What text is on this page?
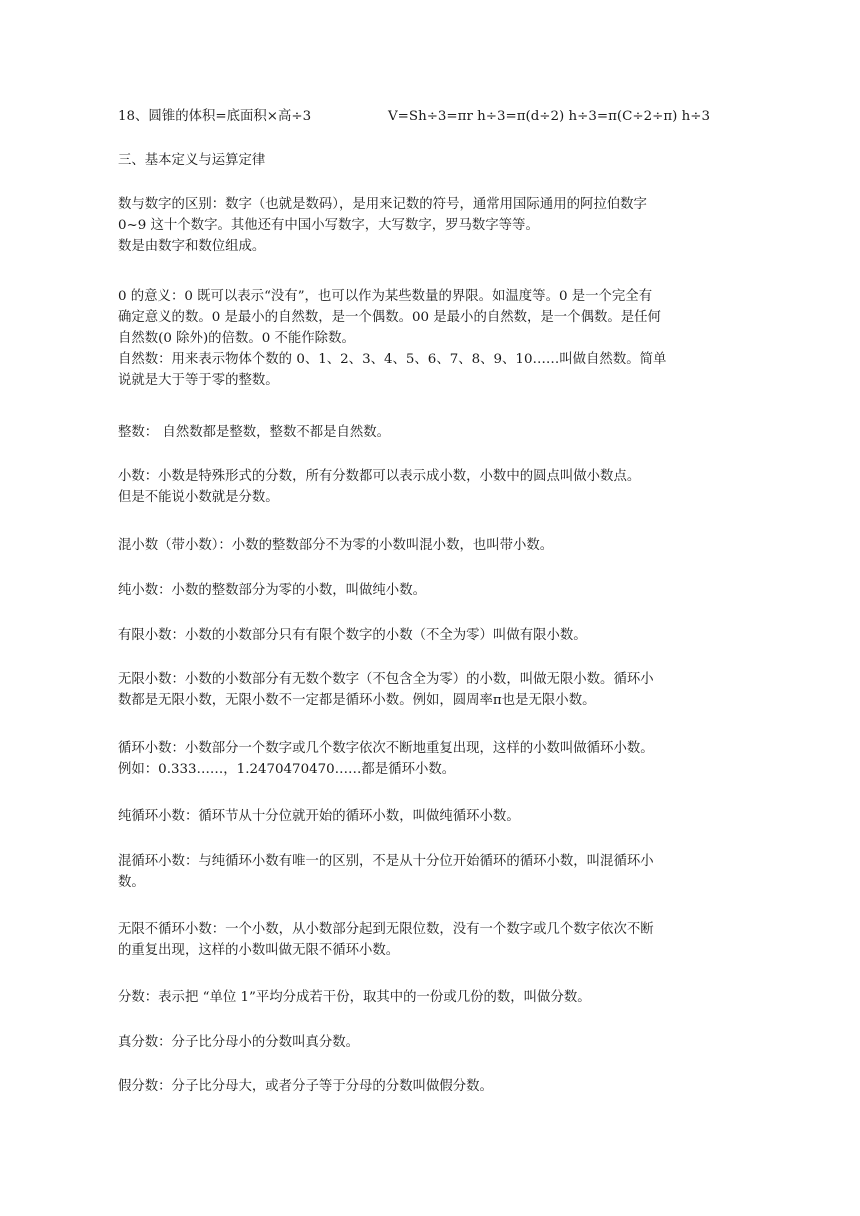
18、圆锥的体积=底面积×高÷3	V=Sh÷3=πr h÷3=π(d÷2) h÷3=π(C÷2÷π) h÷3
三、基本定义与运算定律
数与数字的区别：数字（也就是数码），是用来记数的符号，通常用国际通用的阿拉伯数字
0~9 这十个数字。其他还有中国小写数字，大写数字，罗马数字等等。
数是由数字和数位组成。
0 的意义：0 既可以表示“没有”，也可以作为某些数量的界限。如温度等。0 是一个完全有
确定意义的数。0 是最小的自然数，是一个偶数。00 是最小的自然数，是一个偶数。是任何
自然数(0 除外)的倍数。0 不能作除数。
自然数：用来表示物体个数的 0、1、2、3、4、5、6、7、8、9、10……叫做自然数。简单
说就是大于等于零的整数。
整数： 自然数都是整数，整数不都是自然数。
小数：小数是特殊形式的分数，所有分数都可以表示成小数，小数中的圆点叫做小数点。
但是不能说小数就是分数。
混小数（带小数）：小数的整数部分不为零的小数叫混小数，也叫带小数。
纯小数：小数的整数部分为零的小数，叫做纯小数。
有限小数：小数的小数部分只有有限个数字的小数（不全为零）叫做有限小数。
无限小数：小数的小数部分有无数个数字（不包含全为零）的小数，叫做无限小数。循环小
数都是无限小数，无限小数不一定都是循环小数。例如，圆周率π也是无限小数。
循环小数：小数部分一个数字或几个数字依次不断地重复出现，这样的小数叫做循环小数。
例如：0.333……，1.2470470470……都是循环小数。
纯循环小数：循环节从十分位就开始的循环小数，叫做纯循环小数。
混循环小数：与纯循环小数有唯一的区别，不是从十分位开始循环的循环小数，叫混循环小
数。
无限不循环小数：一个小数，从小数部分起到无限位数，没有一个数字或几个数字依次不断
的重复出现，这样的小数叫做无限不循环小数。
分数：表示把 “单位 1”平均分成若干份，取其中的一份或几份的数，叫做分数。
真分数：分子比分母小的分数叫真分数。
假分数：分子比分母大，或者分子等于分母的分数叫做假分数。
